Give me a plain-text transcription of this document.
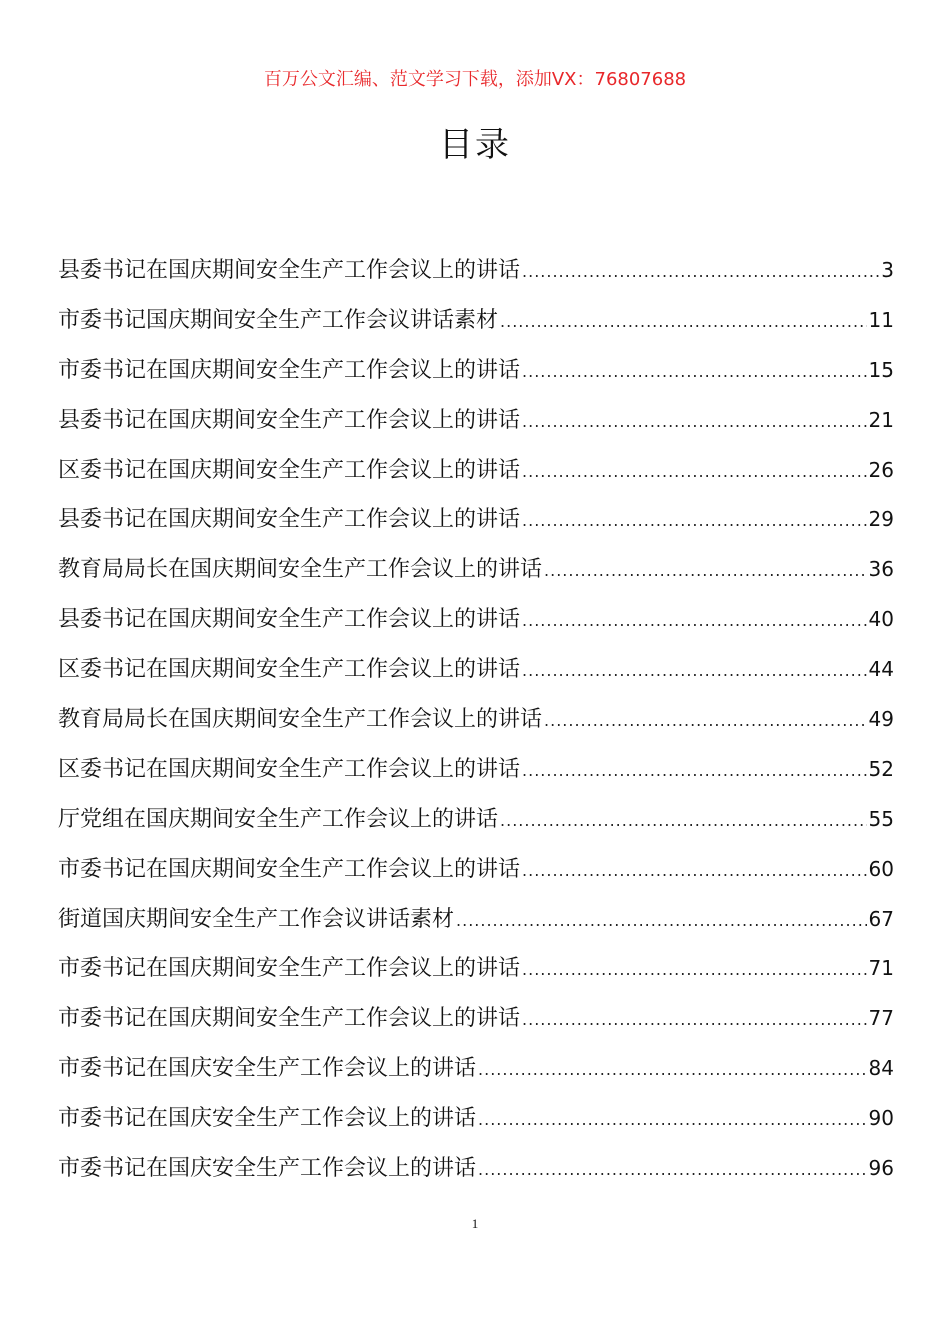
百万公文汇编、范文学习下载，添加VX：76807688
目录
县委书记在国庆期间安全生产工作会议上的讲话 .....	3
市委书记国庆期间安全生产工作会议讲话素材 .....	11
市委书记在国庆期间安全生产工作会议上的讲话 .....	15
县委书记在国庆期间安全生产工作会议上的讲话 .....	21
区委书记在国庆期间安全生产工作会议上的讲话 .....	26
县委书记在国庆期间安全生产工作会议上的讲话 .....	29
教育局局长在国庆期间安全生产工作会议上的讲话 .....	36
县委书记在国庆期间安全生产工作会议上的讲话 .....	40
区委书记在国庆期间安全生产工作会议上的讲话 .....	44
教育局局长在国庆期间安全生产工作会议上的讲话 .....	49
区委书记在国庆期间安全生产工作会议上的讲话 .....	52
厅党组在国庆期间安全生产工作会议上的讲话 .....	55
市委书记在国庆期间安全生产工作会议上的讲话 .....	60
街道国庆期间安全生产工作会议讲话素材 .....	67
市委书记在国庆期间安全生产工作会议上的讲话 .....	71
市委书记在国庆期间安全生产工作会议上的讲话 .....	77
市委书记在国庆安全生产工作会议上的讲话 .....	84
市委书记在国庆安全生产工作会议上的讲话 .....	90
市委书记在国庆安全生产工作会议上的讲话 .....	96
1
